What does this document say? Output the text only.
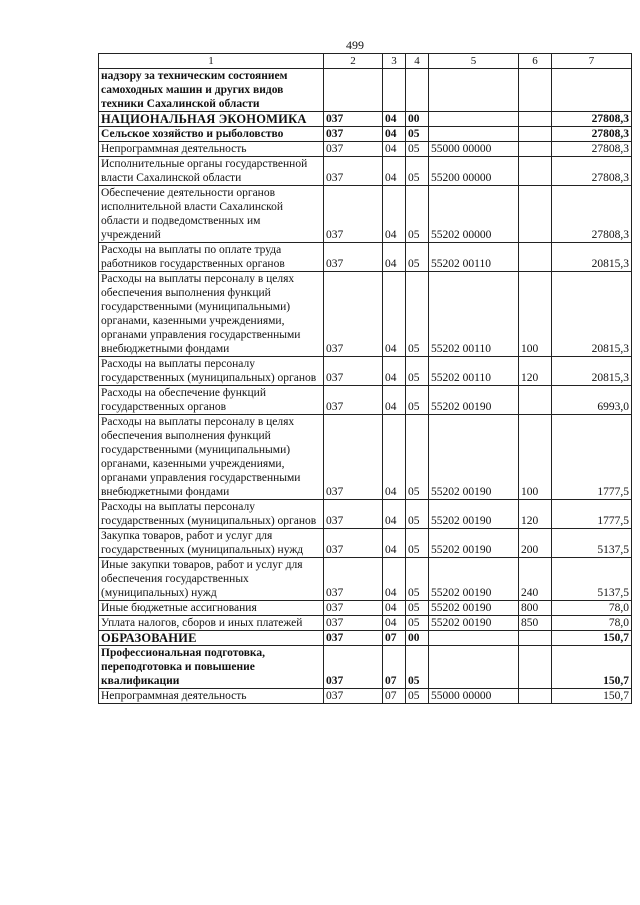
499
1	2	3	4	5	6	7
надзору за техническим состоянием самоходных машин и других видов техники Сахалинской области						
НАЦИОНАЛЬНАЯ ЭКОНОМИКА	037	04	00			27808,3
Сельское хозяйство и рыболовство	037	04	05			27808,3
Непрограммная деятельность	037	04	05	55000 00000		27808,3
Исполнительные органы государственной власти Сахалинской области	037	04	05	55200 00000		27808,3
Обеспечение деятельности органов исполнительной власти Сахалинской области и подведомственных им учреждений	037	04	05	55202 00000		27808,3
Расходы на выплаты по оплате труда работников государственных органов	037	04	05	55202 00110		20815,3
Расходы на выплаты персоналу в целях обеспечения выполнения функций государственными (муниципальными) органами, казенными учреждениями, органами управления государственными внебюджетными фондами	037	04	05	55202 00110	100	20815,3
Расходы на выплаты персоналу государственных (муниципальных) органов	037	04	05	55202 00110	120	20815,3
Расходы на обеспечение функций государственных органов	037	04	05	55202 00190		6993,0
Расходы на выплаты персоналу в целях обеспечения выполнения функций государственными (муниципальными) органами, казенными учреждениями, органами управления государственными внебюджетными фондами	037	04	05	55202 00190	100	1777,5
Расходы на выплаты персоналу государственных (муниципальных) органов	037	04	05	55202 00190	120	1777,5
Закупка товаров, работ и услуг для государственных (муниципальных) нужд	037	04	05	55202 00190	200	5137,5
Иные закупки товаров, работ и услуг для обеспечения государственных (муниципальных) нужд	037	04	05	55202 00190	240	5137,5
Иные бюджетные ассигнования	037	04	05	55202 00190	800	78,0
Уплата налогов, сборов и иных платежей	037	04	05	55202 00190	850	78,0
ОБРАЗОВАНИЕ	037	07	00			150,7
Профессиональная подготовка, переподготовка и повышение квалификации	037	07	05			150,7
Непрограммная деятельность	037	07	05	55000 00000		150,7
